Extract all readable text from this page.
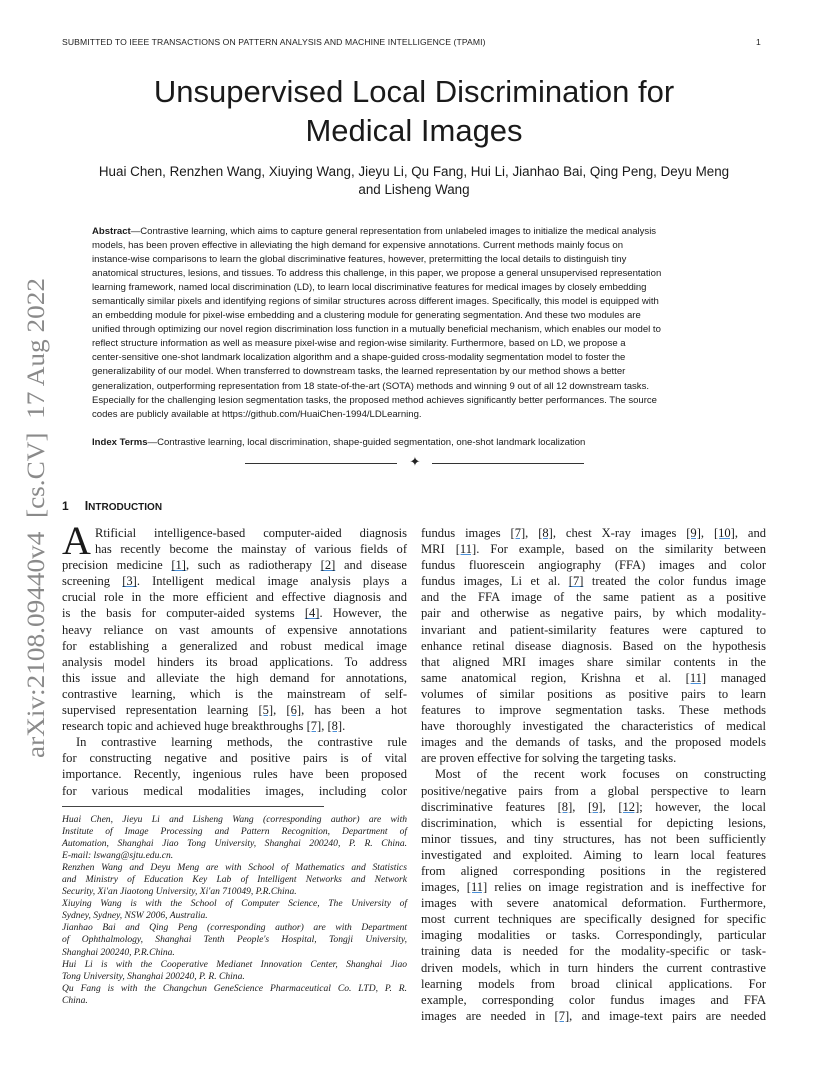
SUBMITTED TO IEEE TRANSACTIONS ON PATTERN ANALYSIS AND MACHINE INTELLIGENCE (TPAMI)	1
arXiv:2108.09440v4  [cs.CV]  17 Aug 2022
Unsupervised Local Discrimination for
Medical Images
Huai Chen, Renzhen Wang, Xiuying Wang, Jieyu Li, Qu Fang, Hui Li, Jianhao Bai, Qing Peng, Deyu Meng
and Lisheng Wang
Abstract—Contrastive learning, which aims to capture general representation from unlabeled images to initialize the medical analysis
models, has been proven effective in alleviating the high demand for expensive annotations. Current methods mainly focus on
instance-wise comparisons to learn the global discriminative features, however, pretermitting the local details to distinguish tiny
anatomical structures, lesions, and tissues. To address this challenge, in this paper, we propose a general unsupervised representation
learning framework, named local discrimination (LD), to learn local discriminative features for medical images by closely embedding
semantically similar pixels and identifying regions of similar structures across different images. Specifically, this model is equipped with
an embedding module for pixel-wise embedding and a clustering module for generating segmentation. And these two modules are
unified through optimizing our novel region discrimination loss function in a mutually beneficial mechanism, which enables our model to
reflect structure information as well as measure pixel-wise and region-wise similarity. Furthermore, based on LD, we propose a
center-sensitive one-shot landmark localization algorithm and a shape-guided cross-modality segmentation model to foster the
generalizability of our model. When transferred to downstream tasks, the learned representation by our method shows a better
generalization, outperforming representation from 18 state-of-the-art (SOTA) methods and winning 9 out of all 12 downstream tasks.
Especially for the challenging lesion segmentation tasks, the proposed method achieves significantly better performances. The source
codes are publicly available at https://github.com/HuaiChen-1994/LDLearning.
Index Terms—Contrastive learning, local discrimination, shape-guided segmentation, one-shot landmark localization
✦
1 INTRODUCTION
A Rtificial intelligence-based computer-aided diagnosis
has recently become the mainstay of various fields of
precision medicine [1], such as radiotherapy [2] and disease
screening [3]. Intelligent medical image analysis plays a
crucial role in the more efficient and effective diagnosis and
is the basis for computer-aided systems [4]. However, the
heavy reliance on vast amounts of expensive annotations
for establishing a generalized and robust medical image
analysis model hinders its broad applications. To address
this issue and alleviate the high demand for annotations,
contrastive learning, which is the mainstream of self-
supervised representation learning [5], [6], has been a hot
research topic and achieved huge breakthroughs [7], [8].
In contrastive learning methods, the contrastive rule
for constructing negative and positive pairs is of vital
importance. Recently, ingenious rules have been proposed
for various medical modalities images, including color
Huai Chen, Jieyu Li and Lisheng Wang (corresponding author) are with
Institute of Image Processing and Pattern Recognition, Department of
Automation, Shanghai Jiao Tong University, Shanghai 200240, P. R. China.
E-mail: lswang@sjtu.edu.cn.
Renzhen Wang and Deyu Meng are with School of Mathematics and Statistics
and Ministry of Education Key Lab of Intelligent Networks and Network
Security, Xi'an Jiaotong University, Xi'an 710049, P.R.China.
Xiuying Wang is with the School of Computer Science, The University of
Sydney, Sydney, NSW 2006, Australia.
Jianhao Bai and Qing Peng (corresponding author) are with Department
of Ophthalmology, Shanghai Tenth People's Hospital, Tongji University,
Shanghai 200240, P.R.China.
Hui Li is with the Cooperative Medianet Innovation Center, Shanghai Jiao
Tong University, Shanghai 200240, P. R. China.
Qu Fang is with the Changchun GeneScience Pharmaceutical Co. LTD, P. R.
China.
fundus images [7], [8], chest X-ray images [9], [10], and
MRI [11]. For example, based on the similarity between
fundus fluorescein angiography (FFA) images and color
fundus images, Li et al. [7] treated the color fundus image
and the FFA image of the same patient as a positive
pair and otherwise as negative pairs, by which modality-
invariant and patient-similarity features were captured to
enhance retinal disease diagnosis. Based on the hypothesis
that aligned MRI images share similar contents in the
same anatomical region, Krishna et al. [11] managed
volumes of similar positions as positive pairs to learn
features to improve segmentation tasks. These methods
have thoroughly investigated the characteristics of medical
images and the demands of tasks, and the proposed models
are proven effective for solving the targeting tasks.
Most of the recent work focuses on constructing
positive/negative pairs from a global perspective to learn
discriminative features [8], [9], [12]; however, the local
discrimination, which is essential for depicting lesions,
minor tissues, and tiny structures, has not been sufficiently
investigated and exploited. Aiming to learn local features
from aligned corresponding positions in the registered
images, [11] relies on image registration and is ineffective for
images with severe anatomical deformation. Furthermore,
most current techniques are specifically designed for specific
imaging modalities or tasks. Correspondingly, particular
training data is needed for the modality-specific or task-
driven models, which in turn hinders the current contrastive
learning models from broad clinical applications. For
example, corresponding color fundus images and FFA
images are needed in [7], and image-text pairs are needed
